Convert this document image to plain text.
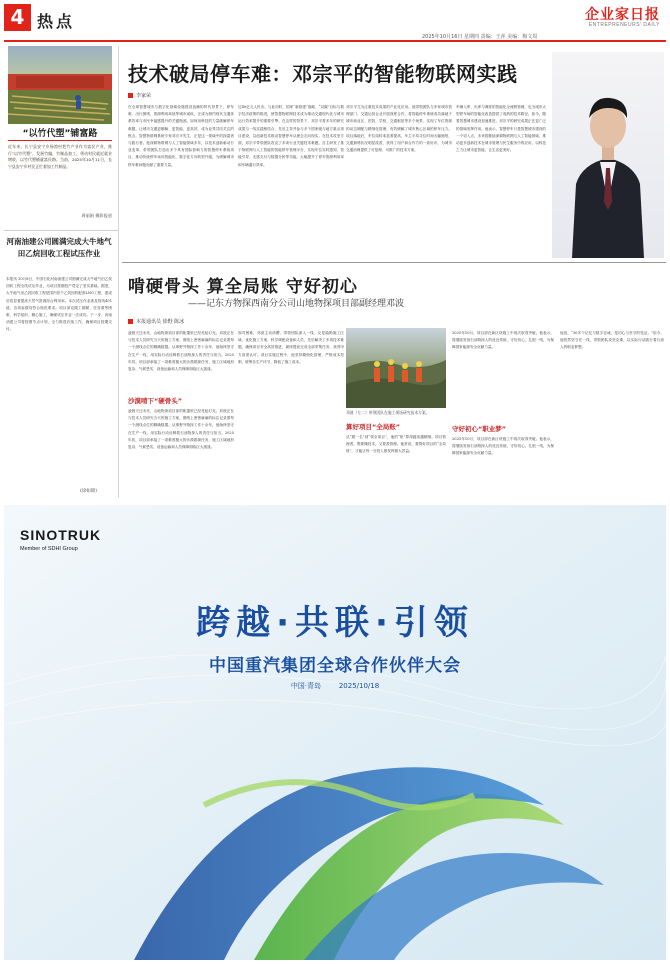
4 热点	企业家日报
ENTREPRENEURS' DAILY
2025年10月16日 星期四 责编：王萍 美编：梅文周
“以竹代塑”铺富路
近年来，长宁县安宁乡杨湾村把竹产业作为富民产业，推行“以竹代塑”，发展竹编、竹制品加工，带动村民就近就业增收，以竹代塑铺就富民路。当前，2025年10月11日，长宁县安宁乡村民正忙着加工竹制品。
周丽娟 摄影报道
河南油建公司圆满完成大牛地气田乙烷回收工程试压作业
本报讯 10月8日，中国石化河南油建公司圆满完成大牛地气田乙烷回收工程全线试压作业，为项目按期投产奠定了坚实基础。据悉，大牛地气田乙烷回收工程是国内首个乙烷回收配套LNG工程，建成后将显著提高天然气资源综合利用率。本次试压作业涉及管线451道，各项参数均符合规范要求。项目部克服工期紧、任务重等困难，科学组织、精心施工，确保试压作业一次成功。下一步，河南油建公司将按照节点计划，全力推进后续工作，确保项目按期交付。
(徐如锦)
技术破局停车难：邓宗平的智能物联网实践
李家荣
在全球智慧城市与数字化基础设施建设浪潮的时代背景下，停车难、出行拥堵、资源利用率低等城市顽疾，正成为制约现代交通体系效率与市民幸福感提升的关键瓶颈。如何用科技的力量破解停车难题，让城市交通更顺畅、更智能、更高效，成为业界共同关注的焦点。智慧物联网系统专家邓宗平先生，正是这一领域中的探索者与践行者。他深耕物联网与人工智能领域多年，以技术创新驱动行业变革，带领团队打造出多个具有国际影响力的智慧停车系统项目，推动传统停车场向智能化、数字化方向转型升级，为缓解城市停车难问题贡献了重要力量。
过40亿元人民币。与此同时，国家“新基建”战略、“双碳”目标与数字经济政策的推进，使智慧物联网技术成为推动交通现代化与城市运行效率提升的重要引擎。在这样的背景下，邓宗平将多年的研究成果与一线实践相结合，先后主导并参与多个国家级与地方重点项目建设，以创新技术推动智慧停车从理念走向现实。在技术攻坚方面，邓宗平带领团队攻克了多项行业关键技术难题，自主研发了基于物联网与人工智能的智能停车管理平台，实现车位实时感知、智能引导、无感支付与数据分析等功能，大幅提升了停车资源利用率和车辆通行效率。
邓宗平尤为注重技术成果的产业化应用。他带领团队与多家城市管理部门、交通运营企业开展深度合作，将智能停车系统成功落地于城市商业区、医院、学校、交通枢纽等多个场景，实现了车位资源的动态调配与精细化管理，有效缓解了城市核心区域的停车压力。项目落地后，车位周转率显著提高，车主平均寻位时间大幅缩短，交通拥堵状况明显改善，获得了用户和合作方的一致好评，为城市交通治理提供了可复制、可推广的技术方案。
车辆入库、出库与调度的智能化全流程管理，也为城市大型停车场的智能化改造提供了成熟的技术路径。如今，随着智慧城市建设加速推进，邓宗平的研究成果正在更广泛的领域发挥作用。他表示，智慧停车只是智慧城市建设的一个切入点，未来将继续深耕物联网与人工智能领域，推动更多创新技术在城市管理与民生服务中的应用，以科技之力让城市更智能、让生活更美好。
啃硬骨头 算全局账 守好初心
——记东方物探西南分公司山地物探项目部副经理邓波
本报通讯员 徐野 陈冰
凌晨天还未亮，山地物探项目部的帐篷里已经亮起灯光。邓波正在与技术人员研究当天的施工方案，图纸上密密麻麻的标注记录着每一个测线点位的精确数据。从事野外物探工作十余年，他始终坚守在生产一线，用实际行动诠释着石油物探人的责任与担当。2025年初，项目部承接了一项难度极大的沙漠勘探任务，施工区域地形复杂、气候恶劣，设备运输和人员保障面临巨大挑战。
沙漠啃下“硬骨头”
凌晨天还未亮，山地物探项目部的帐篷里已经亮起灯光。邓波正在与技术人员研究当天的施工方案，图纸上密密麻麻的标注记录着每一个测线点位的精确数据。从事野外物探工作十余年，他始终坚守在生产一线，用实际行动诠释着石油物探人的责任与担当。2025年初，项目部承接了一项难度极大的沙漠勘探任务，施工区域地形复杂、气候恶劣，设备运输和人员保障面临巨大挑战。
面对困难，邓波主动请缨，带领团队深入一线，反复踏勘施工区域，优化施工方案，科学调配设备和人员，先后解决了多项技术难题，确保项目安全高效推进，最终提前完成全部采集任务，获得甲方高度认可。项目实施过程中，他坚持精细化管理，严格成本控制，统筹各生产环节，降低了施工成本。
邓波（左二）带领团队在施工现场研究技术方案。
算好项目“全局账”
从“跟一名”到“领全项目”，他的“账”算得越来越精细。项目管理者，既要懂技术，又要善管理。他常说，要算好项目的“全局账”，才能让每一分投入都发挥最大效益。
2025年10月，项目部在新区块施工中再次取得突破。他表示，将继续发扬石油物探人的优良传统，守好初心，扎根一线，为保障国家能源安全贡献力量。
守好初心“职业梦”
2025年10月，项目部在新区块施工中再次取得突破。他表示，将继续发扬石油物探人的优良传统，守好初心，扎根一线，为保障国家能源安全贡献力量。
他说，“30多个记忆与数字忠诚，是初心与坚守的见证。”如今，他依然坚守在一线，带领团队攻坚克难，以实际行动践行着石油人的职业梦想。
SINOTRUK
Member of SDHI Group
跨越·共联·引领
中国重汽集团全球合作伙伴大会
中国·青岛        2025/10/18
